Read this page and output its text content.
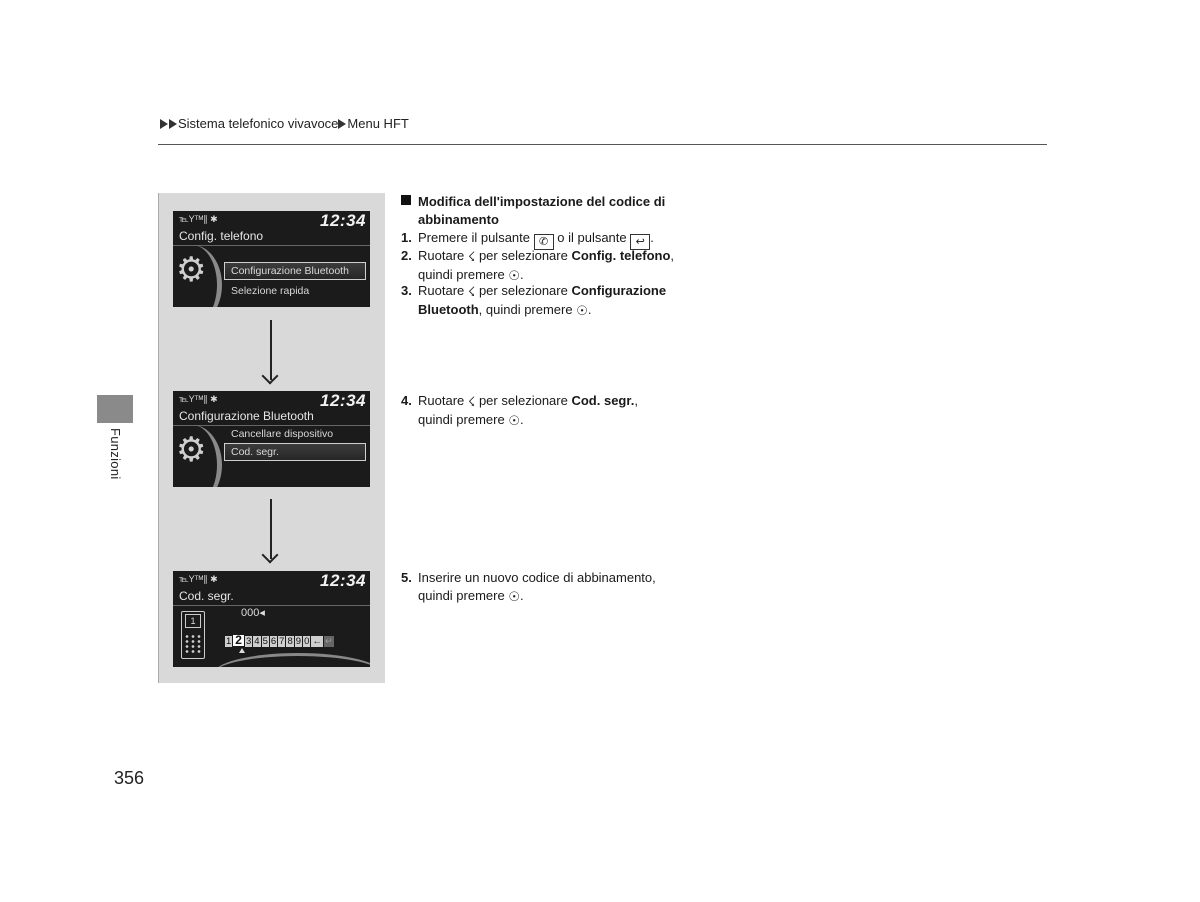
Sistema telefonico vivavoce Menu HFT
Funzioni
℡Yᵀᴹ∥ ✱	12:34
Config. telefono
⚙	Configurazione Bluetooth
Selezione rapida
℡Yᵀᴹ∥ ✱	12:34
Configurazione Bluetooth
⚙ Cancellare dispositivo
Cod. segr.
℡Yᵀᴹ∥ ✱	12:34
Cod. segr.
1
000◂
1 2 3 4 5 6 7 8 9 0 ← ↵
Modifica dell'impostazione del codice di abbinamento
1. Premere il pulsante ✆ o il pulsante ↩ .
2. Ruotare ☇ per selezionare Config. telefono,
quindi premere ☉.
3. Ruotare ☇ per selezionare Configurazione
Bluetooth, quindi premere ☉.
4. Ruotare ☇ per selezionare Cod. segr.,
quindi premere ☉.
5. Inserire un nuovo codice di abbinamento,
quindi premere ☉.
356
